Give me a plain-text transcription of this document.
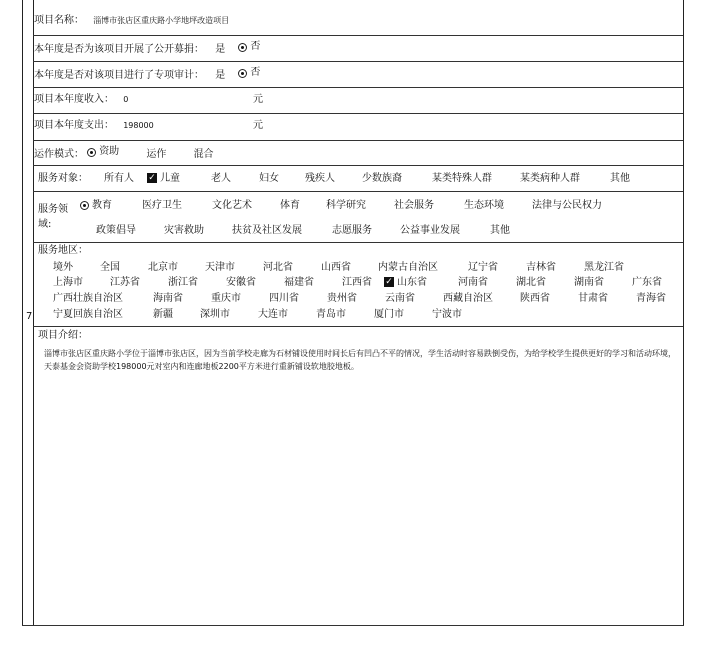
项目名称： 淄博市张店区重庆路小学地坪改造项目
本年度是否为该项目开展了公开募捐： 是
	否
本年度是否对该项目进行了专项审计： 是
	否
项目本年度收入： 0	元
项目本年度支出： 198000	元
运作模式： 资助
	运作
	混合
服务对象： 所有人 ✓ 儿童	老人	妇女	残疾人	少数族裔	某类特殊人群	某类病种人群	其他
服务领
域:
教育	医疗卫生	文化艺术	体育	科学研究	社会服务	生态环境	法律与公民权力
政策倡导	灾害救助	扶贫及社区发展	志愿服务	公益事业发展	其他
服务地区：
境外	全国	北京市	天津市	河北省	山西省	内蒙古自治区	辽宁省	吉林省	黑龙江省
上海市	江苏省	浙江省	安徽省	福建省	江西省 ✓ 山东省	河南省	湖北省	湖南省	广东省
广西壮族自治区	海南省	重庆市	四川省	贵州省	云南省	西藏自治区	陕西省	甘肃省	青海省
宁夏回族自治区	新疆	深圳市	大连市	青岛市	厦门市	宁波市
7
项目介绍：
淄博市张店区重庆路小学位于淄博市张店区，因为当前学校走廊为石材铺设使用时间长后有凹凸不平的情况，学生活动时容易跌倒受伤，为给学校学生提供更好的学习和活动环境，天泰基金会资助学校198000元对室内和连廊地板2200平方米进行重新铺设软地胶地板。
